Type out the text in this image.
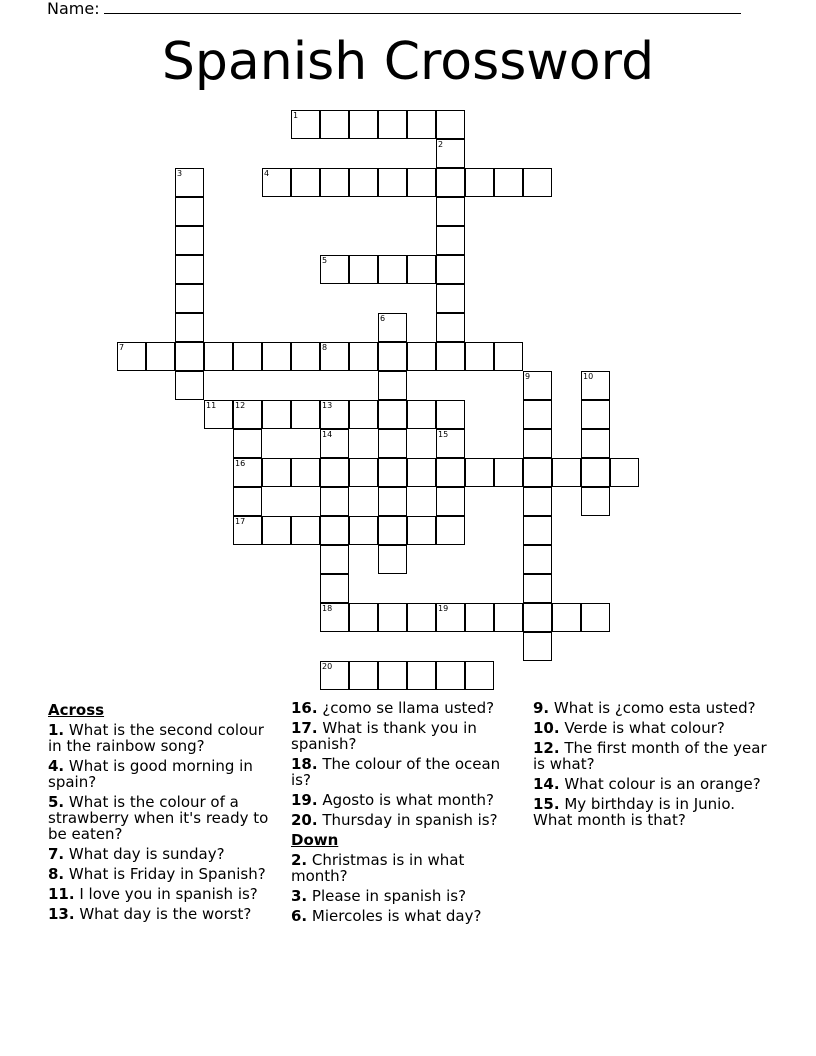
Name:
Spanish Crossword
1
2
3	4
5
6
7	8
9	10
11 12	13
14	15
16
17
18	19
20
Across
1. What is the second colour in the rainbow song?
4. What is good morning in spain?
5. What is the colour of a strawberry when it's ready to be eaten?
7. What day is sunday?
8. What is Friday in Spanish?
11. I love you in spanish is?
13. What day is the worst?
16. ¿como se llama usted?
17. What is thank you in spanish?
18. The colour of the ocean is?
19. Agosto is what month?
20. Thursday in spanish is?
Down
2. Christmas is in what month?
3. Please in spanish is?
6. Miercoles is what day?
9. What is ¿como esta usted?
10. Verde is what colour?
12. The first month of the year is what?
14. What colour is an orange?
15. My birthday is in Junio. What month is that?
